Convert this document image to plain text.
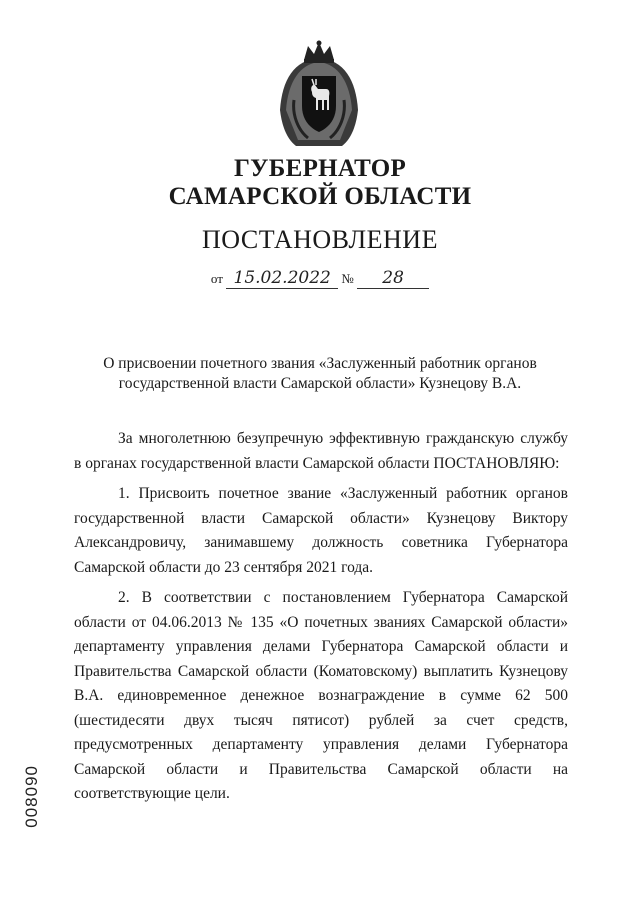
ГУБЕРНАТОР
САМАРСКОЙ ОБЛАСТИ
ПОСТАНОВЛЕНИЕ
от 15.02.2022 № 28
О присвоении почетного звания «Заслуженный работник органов
государственной власти Самарской области» Кузнецову В.А.

За многолетнюю безупречную эффективную гражданскую службу в органах государственной власти Самарской области ПОСТАНОВЛЯЮ:

1. Присвоить почетное звание «Заслуженный работник органов государственной власти Самарской области» Кузнецову Виктору Александровичу, занимавшему должность советника Губернатора Самарской области до 23 сентября 2021 года.

2. В соответствии с постановлением Губернатора Самарской области от 04.06.2013 № 135 «О почетных званиях Самарской области» департаменту управления делами Губернатора Самарской области и Правительства Самарской области (Коматовскому) выплатить Кузнецову В.А. единовременное денежное вознаграждение в сумме 62 500 (шестидесяти двух тысяч пятисот) рублей за счет средств, предусмотренных департаменту управления делами Губернатора Самарской области и Правительства Самарской области на соответствующие цели.

008090
